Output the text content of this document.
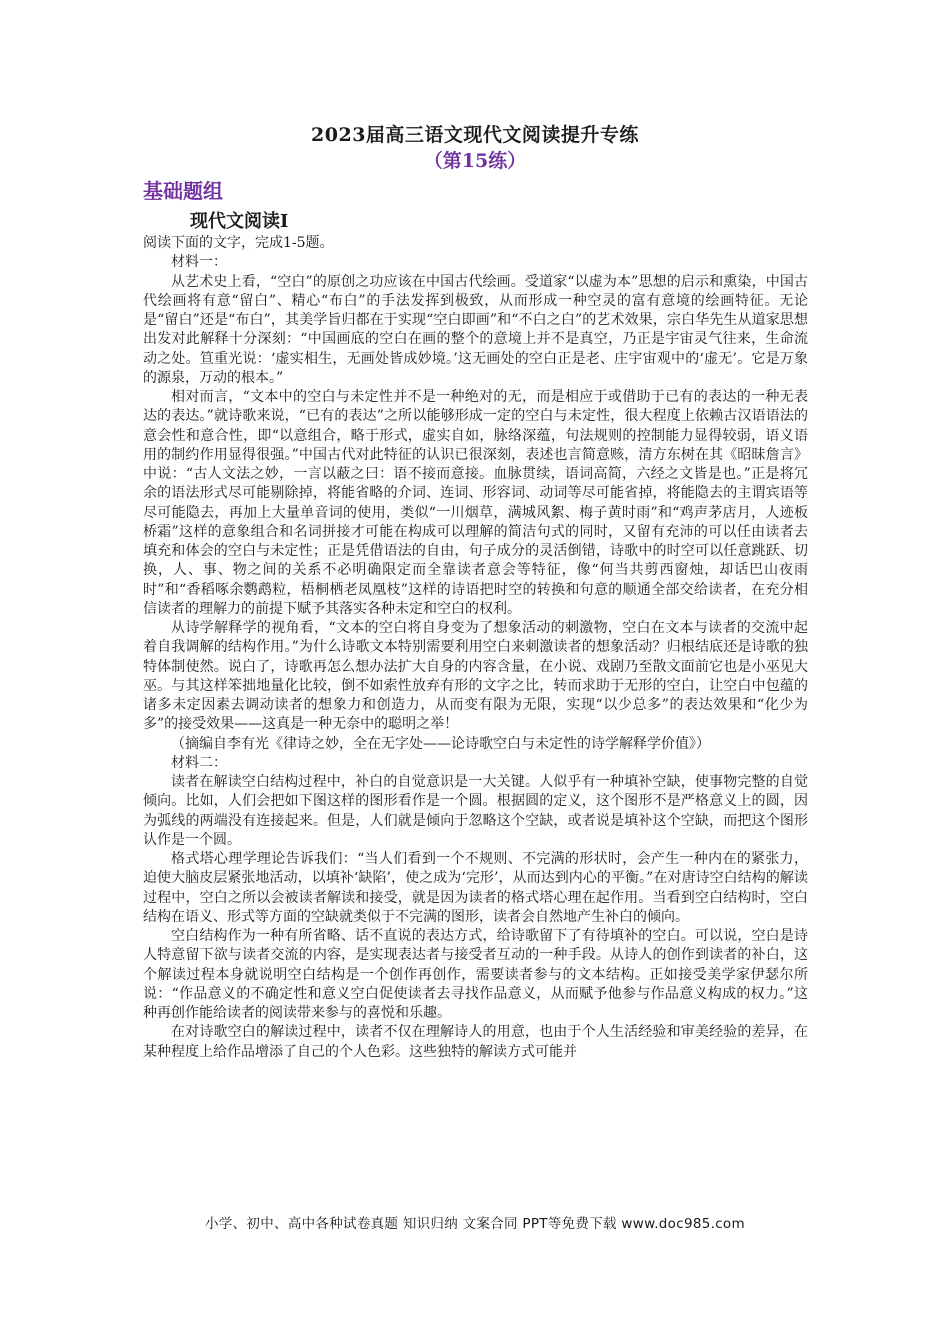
2023届高三语文现代文阅读提升专练
（第15练）
基础题组
现代文阅读Ⅰ

阅读下面的文字，完成1-5题。

材料一：

从艺术史上看，“空白”的原创之功应该在中国古代绘画。受道家“以虚为本”思想的启示和熏染，中国古代绘画将有意“留白”、精心“布白”的手法发挥到极致，从而形成一种空灵的富有意境的绘画特征。无论是“留白”还是“布白”，其美学旨归都在于实现“空白即画”和“不白之白”的艺术效果，宗白华先生从道家思想出发对此解释十分深刻：“中国画底的空白在画的整个的意境上并不是真空，乃正是宇宙灵气往来，生命流动之处。笪重光说：‘虚实相生，无画处皆成妙境。’这无画处的空白正是老、庄宇宙观中的‘虚无’。它是万象的源泉，万动的根本。”

相对而言，“文本中的空白与未定性并不是一种绝对的无，而是相应于或借助于已有的表达的一种无表达的表达。”就诗歌来说，“已有的表达”之所以能够形成一定的空白与未定性，很大程度上依赖古汉语语法的意会性和意合性，即“以意组合，略于形式，虚实自如，脉络深蕴，句法规则的控制能力显得较弱，语义语用的制约作用显得很强。”中国古代对此特征的认识已很深刻，表述也言简意赅，清方东树在其《昭昧詹言》中说：“古人文法之妙，一言以蔽之曰：语不接而意接。血脉贯续，语词高简，六经之文皆是也。”正是将冗余的语法形式尽可能剔除掉，将能省略的介词、连词、形容词、动词等尽可能省掉，将能隐去的主谓宾语等尽可能隐去，再加上大量单音词的使用，类似“一川烟草，满城风絮、梅子黄时雨”和“鸡声茅店月，人迹板桥霜”这样的意象组合和名词拼接才可能在构成可以理解的简洁句式的同时，又留有充沛的可以任由读者去填充和体会的空白与未定性；正是凭借语法的自由，句子成分的灵活倒错，诗歌中的时空可以任意跳跃、切换，人、事、物之间的关系不必明确限定而全靠读者意会等特征，像“何当共剪西窗烛，却话巴山夜雨时”和“香稻啄余鹦鹉粒，梧桐栖老凤凰枝”这样的诗语把时空的转换和句意的顺通全部交给读者，在充分相信读者的理解力的前提下赋予其落实各种未定和空白的权利。

从诗学解释学的视角看，“文本的空白将自身变为了想象活动的刺激物，空白在文本与读者的交流中起着自我调解的结构作用。”为什么诗歌文本特别需要利用空白来刺激读者的想象活动？归根结底还是诗歌的独特体制使然。说白了，诗歌再怎么想办法扩大自身的内容含量，在小说、戏剧乃至散文面前它也是小巫见大巫。与其这样笨拙地量化比较，倒不如索性放弃有形的文字之比，转而求助于无形的空白，让空白中包蕴的诸多未定因素去调动读者的想象力和创造力，从而变有限为无限，实现“以少总多”的表达效果和“化少为多”的接受效果——这真是一种无奈中的聪明之举！

（摘编自李有光《律诗之妙，全在无字处——论诗歌空白与未定性的诗学解释学价值》）

材料二：

读者在解读空白结构过程中，补白的自觉意识是一大关键。人似乎有一种填补空缺，使事物完整的自觉倾向。比如，人们会把如下图这样的图形看作是一个圆。根据圆的定义，这个图形不是严格意义上的圆，因为弧线的两端没有连接起来。但是，人们就是倾向于忽略这个空缺，或者说是填补这个空缺，而把这个图形认作是一个圆。

格式塔心理学理论告诉我们：“当人们看到一个不规则、不完满的形状时，会产生一种内在的紧张力，迫使大脑皮层紧张地活动，以填补‘缺陷’，使之成为‘完形’，从而达到内心的平衡。”在对唐诗空白结构的解读过程中，空白之所以会被读者解读和接受，就是因为读者的格式塔心理在起作用。当看到空白结构时，空白结构在语义、形式等方面的空缺就类似于不完满的图形，读者会自然地产生补白的倾向。

空白结构作为一种有所省略、话不直说的表达方式，给诗歌留下了有待填补的空白。可以说，空白是诗人特意留下欲与读者交流的内容，是实现表达者与接受者互动的一种手段。从诗人的创作到读者的补白，这个解读过程本身就说明空白结构是一个创作再创作，需要读者参与的文本结构。正如接受美学家伊瑟尔所说：“作品意义的不确定性和意义空白促使读者去寻找作品意义，从而赋予他参与作品意义构成的权力。”这种再创作能给读者的阅读带来参与的喜悦和乐趣。

在对诗歌空白的解读过程中，读者不仅在理解诗人的用意，也由于个人生活经验和审美经验的差异，在某种程度上给作品增添了自己的个人色彩。这些独特的解读方式可能并

小学、初中、高中各种试卷真题 知识归纳 文案合同 PPT等免费下载 www.doc985.com
